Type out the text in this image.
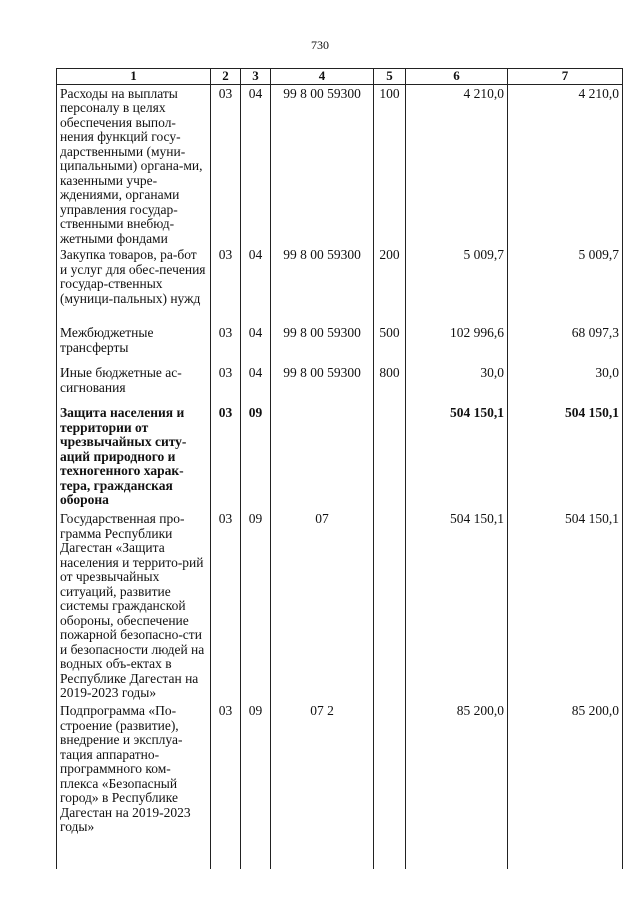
730
1	2	3	4	5	6	7
Расходы на выплаты персоналу в целях обеспечения выпол-нения функций госу-дарственными (муни-ципальными) органа-ми, казенными учре-ждениями, органами управления государ-ственными внебюд-жетными фондами	03	04	99 8 00 59300	100	4 210,0	4 210,0
Закупка товаров, ра-бот и услуг для обес-печения государ-ственных (муници-пальных) нужд	03	04	99 8 00 59300	200	5 009,7	5 009,7
Межбюджетные трансферты	03	04	99 8 00 59300	500	102 996,6	68 097,3
Иные бюджетные ас-сигнования	03	04	99 8 00 59300	800	30,0	30,0
Защита населения и территории от чрезвычайных ситу-аций природного и техногенного харак-тера, гражданская оборона	03	09			504 150,1	504 150,1
Государственная про-грамма Республики Дагестан «Защита населения и террито-рий от чрезвычайных ситуаций, развитие системы гражданской обороны, обеспечение пожарной безопасно-сти и безопасности людей на водных объ-ектах в Республике Дагестан на 2019-2023 годы»	03	09	07		504 150,1	504 150,1
Подпрограмма «По-строение (развитие), внедрение и эксплуа-тация аппаратно-программного ком-плекса «Безопасный город» в Республике Дагестан на 2019-2023 годы»	03	09	07 2		85 200,0	85 200,0
